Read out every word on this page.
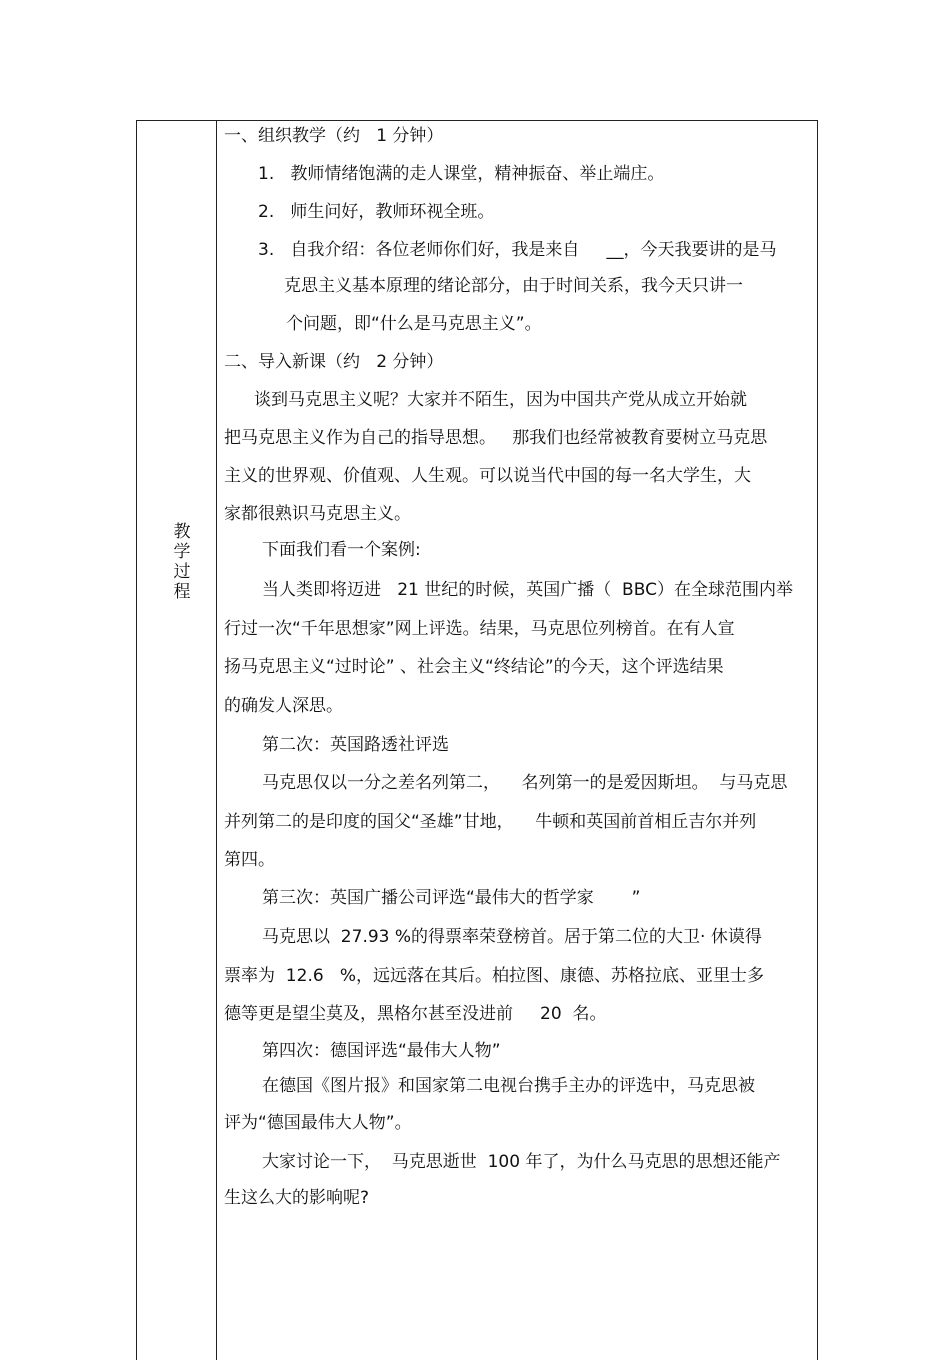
教学过程
一、组织教学（约   1 分钟）
1.   教师情绪饱满的走人课堂，精神振奋、举止端庄。
2.   师生问好，教师环视全班。
3.   自我介绍：各位老师你们好，我是来自     __，今天我要讲的是马
克思主义基本原理的绪论部分，由于时间关系，我今天只讲一
个问题，即“什么是马克思主义”。
二、导入新课（约   2 分钟）
谈到马克思主义呢？大家并不陌生，因为中国共产党从成立开始就
把马克思主义作为自己的指导思想。   那我们也经常被教育要树立马克思
主义的世界观、价值观、人生观。可以说当代中国的每一名大学生，大
家都很熟识马克思主义。
下面我们看一个案例:
当人类即将迈进   21 世纪的时候，英国广播（  BBC）在全球范围内举
行过一次“千年思想家”网上评选。结果，马克思位列榜首。在有人宣
扬马克思主义“过时论” 、社会主义“终结论”的今天，这个评选结果
的确发人深思。
第二次：英国路透社评选
马克思仅以一分之差名列第二，    名列第一的是爱因斯坦。  与马克思
并列第二的是印度的国父“圣雄”甘地，    牛顿和英国前首相丘吉尔并列
第四。
第三次：英国广播公司评选“最伟大的哲学家       ”
马克思以  27.93 %的得票率荣登榜首。居于第二位的大卫· 休谟得
票率为  12.6   %，远远落在其后。柏拉图、康德、苏格拉底、亚里士多
德等更是望尘莫及，黑格尔甚至没进前     20  名。
第四次：德国评选“最伟大人物”
在德国《图片报》和国家第二电视台携手主办的评选中，马克思被
评为“德国最伟大人物”。
大家讨论一下，  马克思逝世  100 年了，为什么马克思的思想还能产
生这么大的影响呢?
